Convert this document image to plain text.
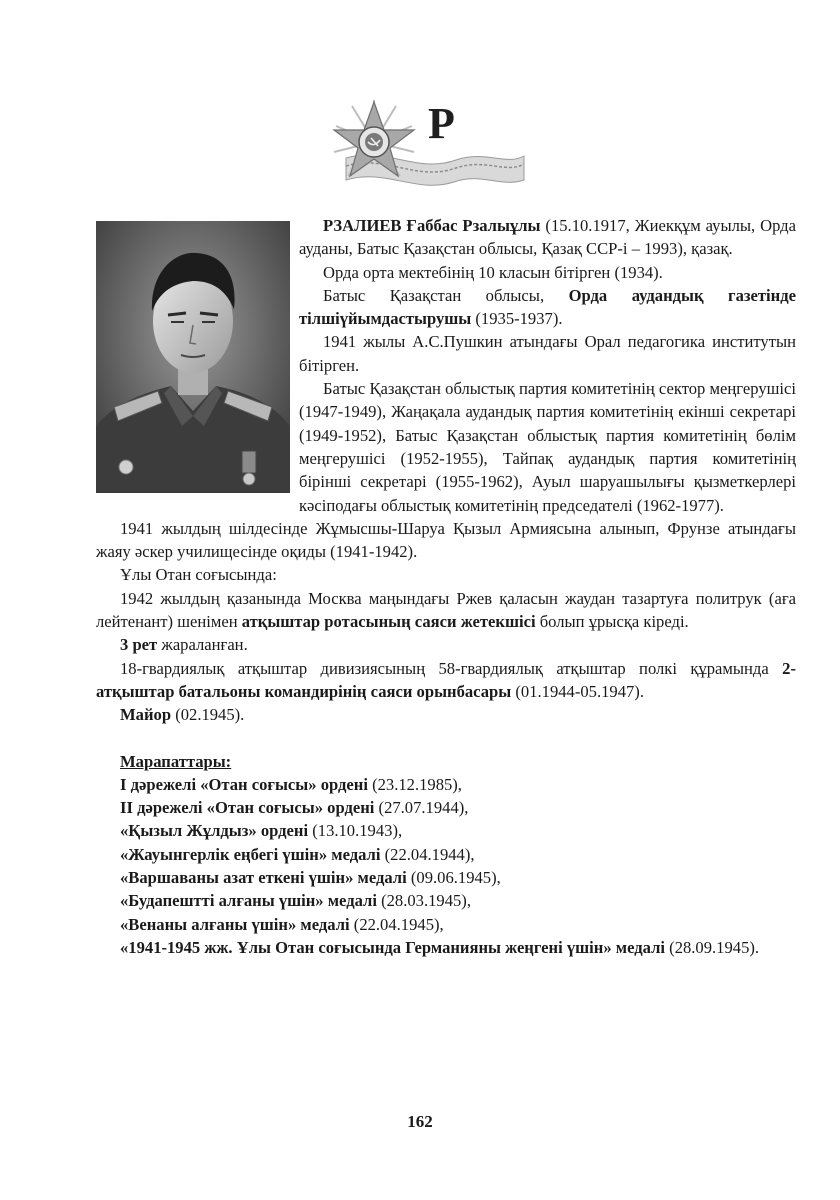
Р

РЗАЛИЕВ Ғаббас Рзалыұлы (15.10.1917, Жиекқұм ауылы, Орда ауданы, Батыс Қазақстан облысы, Қазақ ССР-і – 1993), қазақ.

Орда орта мектебінің 10 класын бітірген (1934).

Батыс Қазақстан облысы, Орда аудандық газетінде тілшіүйымдастырушы (1935-1937).

1941 жылы А.С.Пушкин атындағы Орал педагогика институтын бітірген.

Батыс Қазақстан облыстық партия комитетінің сектор меңгерушісі (1947-1949), Жаңақала аудандық партия комитетінің екінші секретарі (1949-1952), Батыс Қазақстан облыстық партия комитетінің бөлім меңгерушісі (1952-1955), Тайпақ аудандық партия комитетінің бірінші секретарі (1955-1962), Ауыл шаруашылығы қызметкерлері кәсіподағы облыстық комитетінің председателі (1962-1977).

1941 жылдың шілдесінде Жұмысшы-Шаруа Қызыл Армиясына алынып, Фрунзе атындағы жаяу әскер училищесінде оқиды (1941-1942).

Ұлы Отан соғысында:

1942 жылдың қазанында Москва маңындағы Ржев қаласын жаудан тазартуға политрук (аға лейтенант) шенімен атқыштар ротасының саяси жетекшісі болып ұрысқа кіреді.

3 рет жараланған.

18-гвардиялық атқыштар дивизиясының 58-гвардиялық атқыштар полкі құрамында 2-атқыштар батальоны командирінің саяси орынбасары (01.1944-05.1947).

Майор (02.1945).

Марапаттары:

І дәрежелі «Отан соғысы» ордені (23.12.1985),

ІІ дәрежелі «Отан соғысы» ордені (27.07.1944),

«Қызыл Жұлдыз» ордені (13.10.1943),

«Жауынгерлік еңбегі үшін» медалі (22.04.1944),

«Варшаваны азат еткені үшін» медалі (09.06.1945),

«Будапештті алғаны үшін» медалі (28.03.1945),

«Венаны алғаны үшін» медалі (22.04.1945),

«1941-1945 жж. Ұлы Отан соғысында Германияны жеңгені үшін» медалі (28.09.1945).

162
